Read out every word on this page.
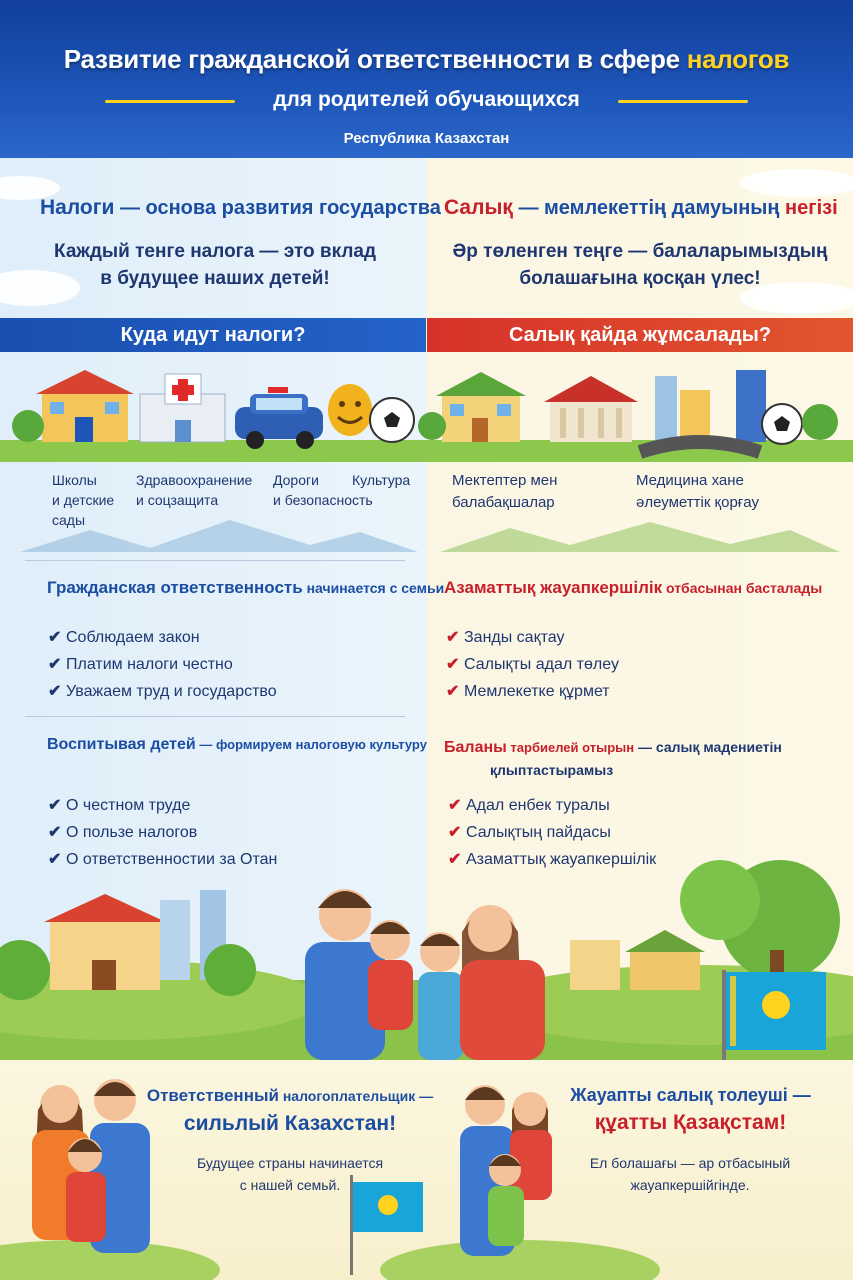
Развитие гражданской ответственности в сфере налогов
для родителей обучающихся
Республика Казахстан
Налоги — основа развития государства
Каждый тенге налога — это вклад
в будущее наших детей!
Салық — мемлекеттің дамуының негізі
Әр төленген теңге — балаларымыздың
болашағына қосқан үлес!
Куда идут налоги?	Салық қайда жұмсалады?
Школы
и детские
сады
Здравоохранение
и соцзащита
Дороги
и безопасность
Культура	Мектептер мен
балабақшалар
Медицина хане
әлеуметтік қорғау
Гражданская ответственность начинается с семьи
✔ Соблюдаем закон
✔ Платим налоги честно
✔ Уважаем труд и государство
Азаматтық жауапкершілік отбасынан басталады
✔ Занды сақтау
✔ Салықты адал төлеу
✔ Мемлекетке құрмет
Воспитывая детей — формируем налоговую культуру
✔ О честном труде
✔ О пользе налогов
✔ О ответственностии за Отан
Баланы тарбиелей отырын — салық мадениетін
қлыптастырамыз
✔ Адал енбек туралы
✔ Салықтың пайдасы
✔ Азаматтық жауапкершілік
Ответственный налогоплательщик —
сильлый Казахстан!
Будущее страны начинается
с нашей семьй.
Жауапты салық толеуші —
құатты Қазақстам!
Ел болашағы — ар отбасыный
жауапкершійгінде.
